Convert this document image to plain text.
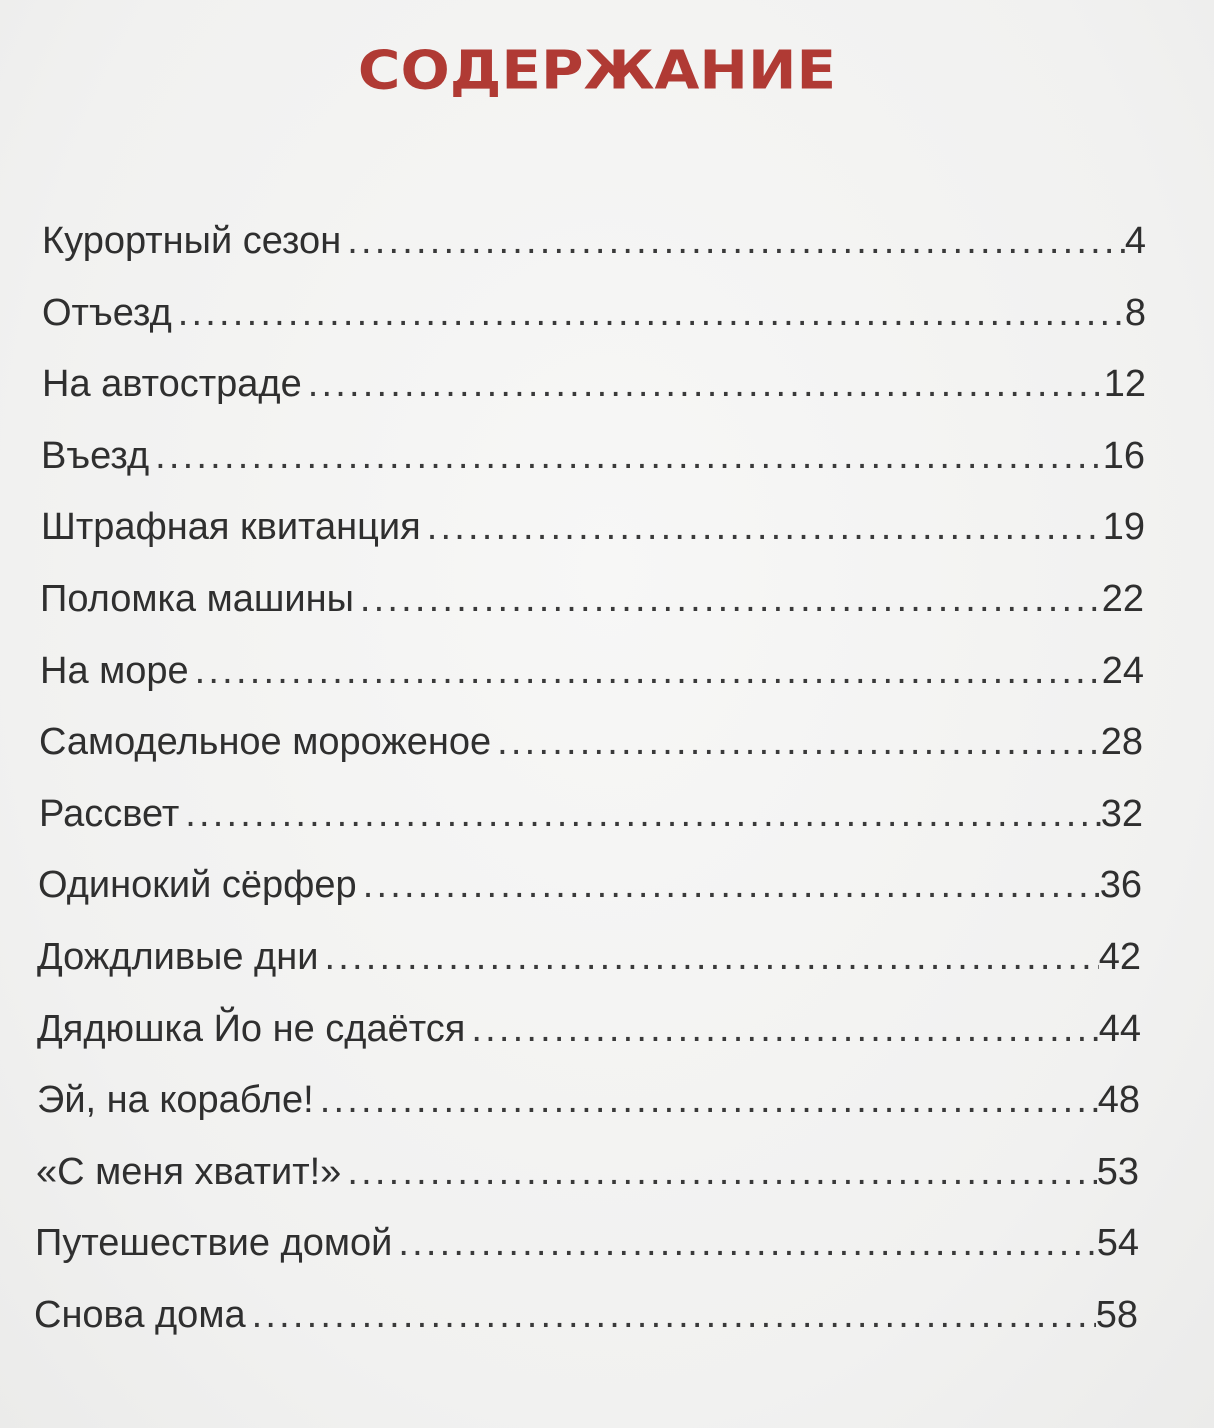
СОДЕРЖАНИЕ
Курортный сезон .....	4
Отъезд .....	8
На автостраде .....	12
Въезд .....	16
Штрафная квитанция .....	19
Поломка машины .....	22
На море .....	24
Самодельное мороженое .....	28
Рассвет .....	32
Одинокий сёрфер .....	36
Дождливые дни .....	42
Дядюшка Йо не сдаётся .....	44
Эй, на корабле! .....	48
«С меня хватит!» .....	53
Путешествие домой .....	54
Снова дома .....	58
